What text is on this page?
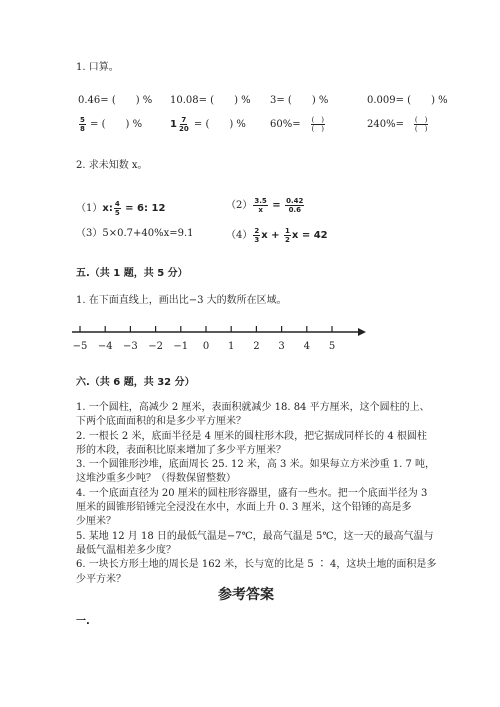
1. 口算。
0.46= (　　) % 10.08= (　　) % 3= (　　) %	0.009= (　　) %
$\frac{5}{8}$ = (　　) %	$1 \frac{7}{20}$ = (　　) % $60\%= \frac{( )}{( )}$	$240\%= \frac{( )}{( )}$
2. 求未知数 x。
（1）x: $\frac{4}{5} = 6$: 12	$(2) \frac{3.5}{x} = \frac{0.42}{0.6}$
（3）5×0.7+40%x=9.1	$(4) \frac{2}{3}$ $x + \frac{1}{2}$ x = 42
五.（共 1 题，共 5 分）
1. 在下面直线上，画出比−3 大的数所在区域。
−5 −4 −3 −2 −1 0 1 2 3 4 5
六.（共 6 题，共 32 分）
1. 一个圆柱，高减少 2 厘米，表面积就减少 18. 84 平方厘米，这个圆柱的上、
下两个底面面积的和是多少平方厘米？
2. 一根长 2 米，底面半径是 4 厘米的圆柱形木段，把它据成同样长的 4 根圆柱
形的木段，表面积比原来增加了多少平方厘米？
3. 一个圆锥形沙堆，底面周长 25. 12 米，高 3 米。如果每立方米沙重 1. 7 吨，
这堆沙重多少吨？（得数保留整数）
4. 一个底面直径为 20 厘米的圆柱形容器里，盛有一些水。把一个底面半径为 3
厘米的圆锥形铅锤完全浸没在水中，水面上升 0. 3 厘米，这个铅锤的高是多
少厘米？
5. 某地 12 月 18 日的最低气温是−7℃，最高气温是 5℃，这一天的最高气温与
最低气温相差多少度？
6. 一块长方形土地的周长是 162 米，长与宽的比是 5 ∶ 4，这块土地的面积是多
少平方米？
参考答案
一.
